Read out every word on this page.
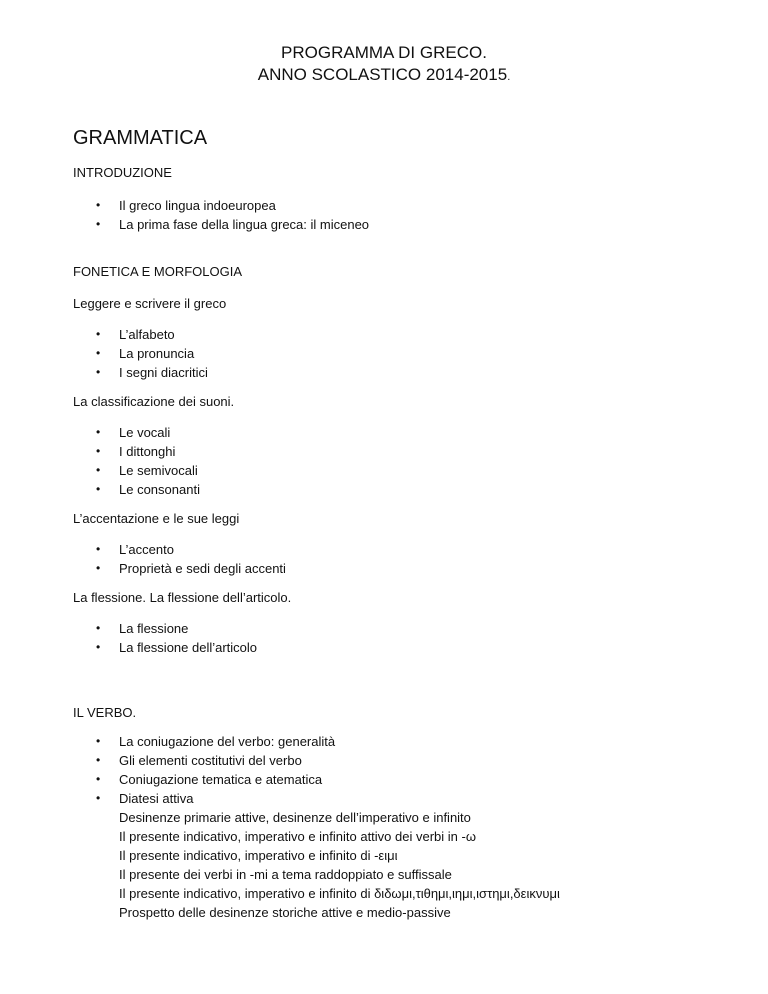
PROGRAMMA DI GRECO.
ANNO SCOLASTICO 2014-2015.
GRAMMATICA
INTRODUZIONE
• Il greco lingua indoeuropea
• La prima fase della lingua greca: il miceneo
FONETICA E MORFOLOGIA
Leggere e scrivere il greco
• L’alfabeto
• La pronuncia
• I segni diacritici
La classificazione dei suoni.
• Le vocali
• I dittonghi
• Le semivocali
• Le consonanti
L’accentazione e le sue leggi
• L’accento
• Proprietà e sedi degli accenti
La flessione. La flessione dell’articolo.
• La flessione
• La flessione dell’articolo
IL VERBO.
• La coniugazione del verbo: generalità
• Gli elementi costitutivi del verbo
• Coniugazione tematica e atematica
• Diatesi attiva
Desinenze primarie attive, desinenze dell’imperativo e infinito
Il presente indicativo, imperativo e infinito attivo dei verbi in -ω
Il presente indicativo, imperativo e infinito di -ειμι
Il presente dei verbi in -mi a tema raddoppiato e suffissale
Il presente indicativo, imperativo e infinito di διδωμι,τιθημι,ιημι,ιστημι,δεικνυμι
Prospetto delle desinenze storiche attive e medio-passive
